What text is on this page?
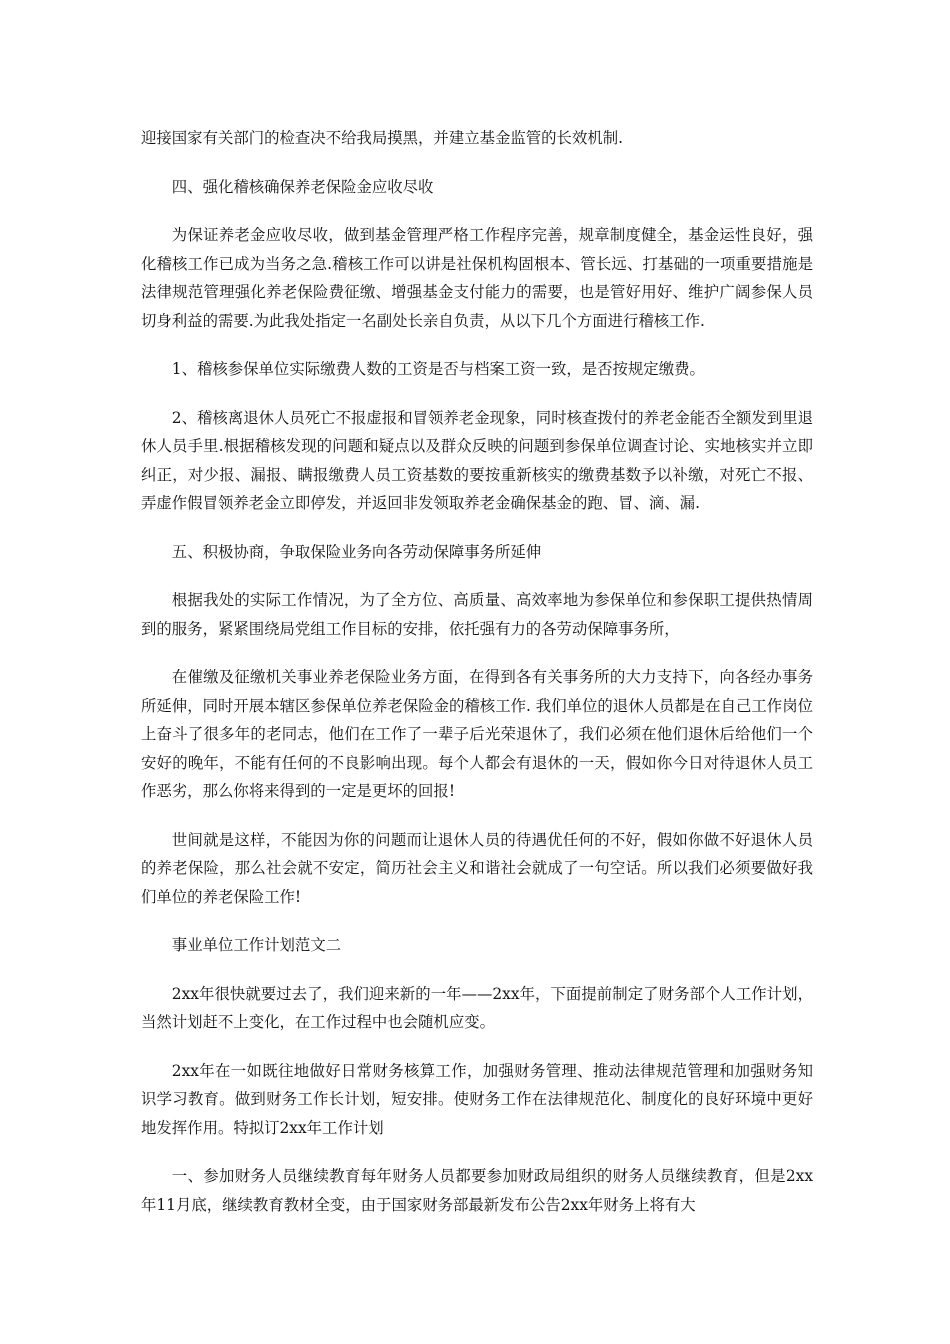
迎接国家有关部门的检查决不给我局摸黑，并建立基金监管的长效机制.

四、强化稽核确保养老保险金应收尽收

为保证养老金应收尽收，做到基金管理严格工作程序完善，规章制度健全，基金运性良好，强化稽核工作已成为当务之急.稽核工作可以讲是社保机构固根本、管长远、打基础的一项重要措施是法律规范管理强化养老保险费征缴、增强基金支付能力的需要，也是管好用好、维护广阔参保人员切身利益的需要.为此我处指定一名副处长亲自负责，从以下几个方面进行稽核工作.

1、稽核参保单位实际缴费人数的工资是否与档案工资一致，是否按规定缴费。

2、稽核离退休人员死亡不报虚报和冒领养老金现象，同时核查拨付的养老金能否全额发到里退休人员手里.根据稽核发现的问题和疑点以及群众反映的问题到参保单位调查讨论、实地核实并立即纠正，对少报、漏报、瞒报缴费人员工资基数的要按重新核实的缴费基数予以补缴，对死亡不报、弄虚作假冒领养老金立即停发，并返回非发领取养老金确保基金的跑、冒、滴、漏.

五、积极协商，争取保险业务向各劳动保障事务所延伸

根据我处的实际工作情况，为了全方位、高质量、高效率地为参保单位和参保职工提供热情周到的服务，紧紧围绕局党组工作目标的安排，依托强有力的各劳动保障事务所，

在催缴及征缴机关事业养老保险业务方面，在得到各有关事务所的大力支持下，向各经办事务所延伸，同时开展本辖区参保单位养老保险金的稽核工作. 我们单位的退休人员都是在自己工作岗位上奋斗了很多年的老同志，他们在工作了一辈子后光荣退休了，我们必须在他们退休后给他们一个安好的晚年，不能有任何的不良影响出现。每个人都会有退休的一天，假如你今日对待退休人员工作恶劣，那么你将来得到的一定是更坏的回报!

世间就是这样，不能因为你的问题而让退休人员的待遇优任何的不好，假如你做不好退休人员的养老保险，那么社会就不安定，简历社会主义和谐社会就成了一句空话。所以我们必须要做好我们单位的养老保险工作!

事业单位工作计划范文二

2xx年很快就要过去了，我们迎来新的一年——2xx年，下面提前制定了财务部个人工作计划，当然计划赶不上变化，在工作过程中也会随机应变。

2xx年在一如既往地做好日常财务核算工作，加强财务管理、推动法律规范管理和加强财务知识学习教育。做到财务工作长计划，短安排。使财务工作在法律规范化、制度化的良好环境中更好地发挥作用。特拟订2xx年工作计划

一、参加财务人员继续教育每年财务人员都要参加财政局组织的财务人员继续教育，但是2xx年11月底，继续教育教材全变，由于国家财务部最新发布公告2xx年财务上将有大
